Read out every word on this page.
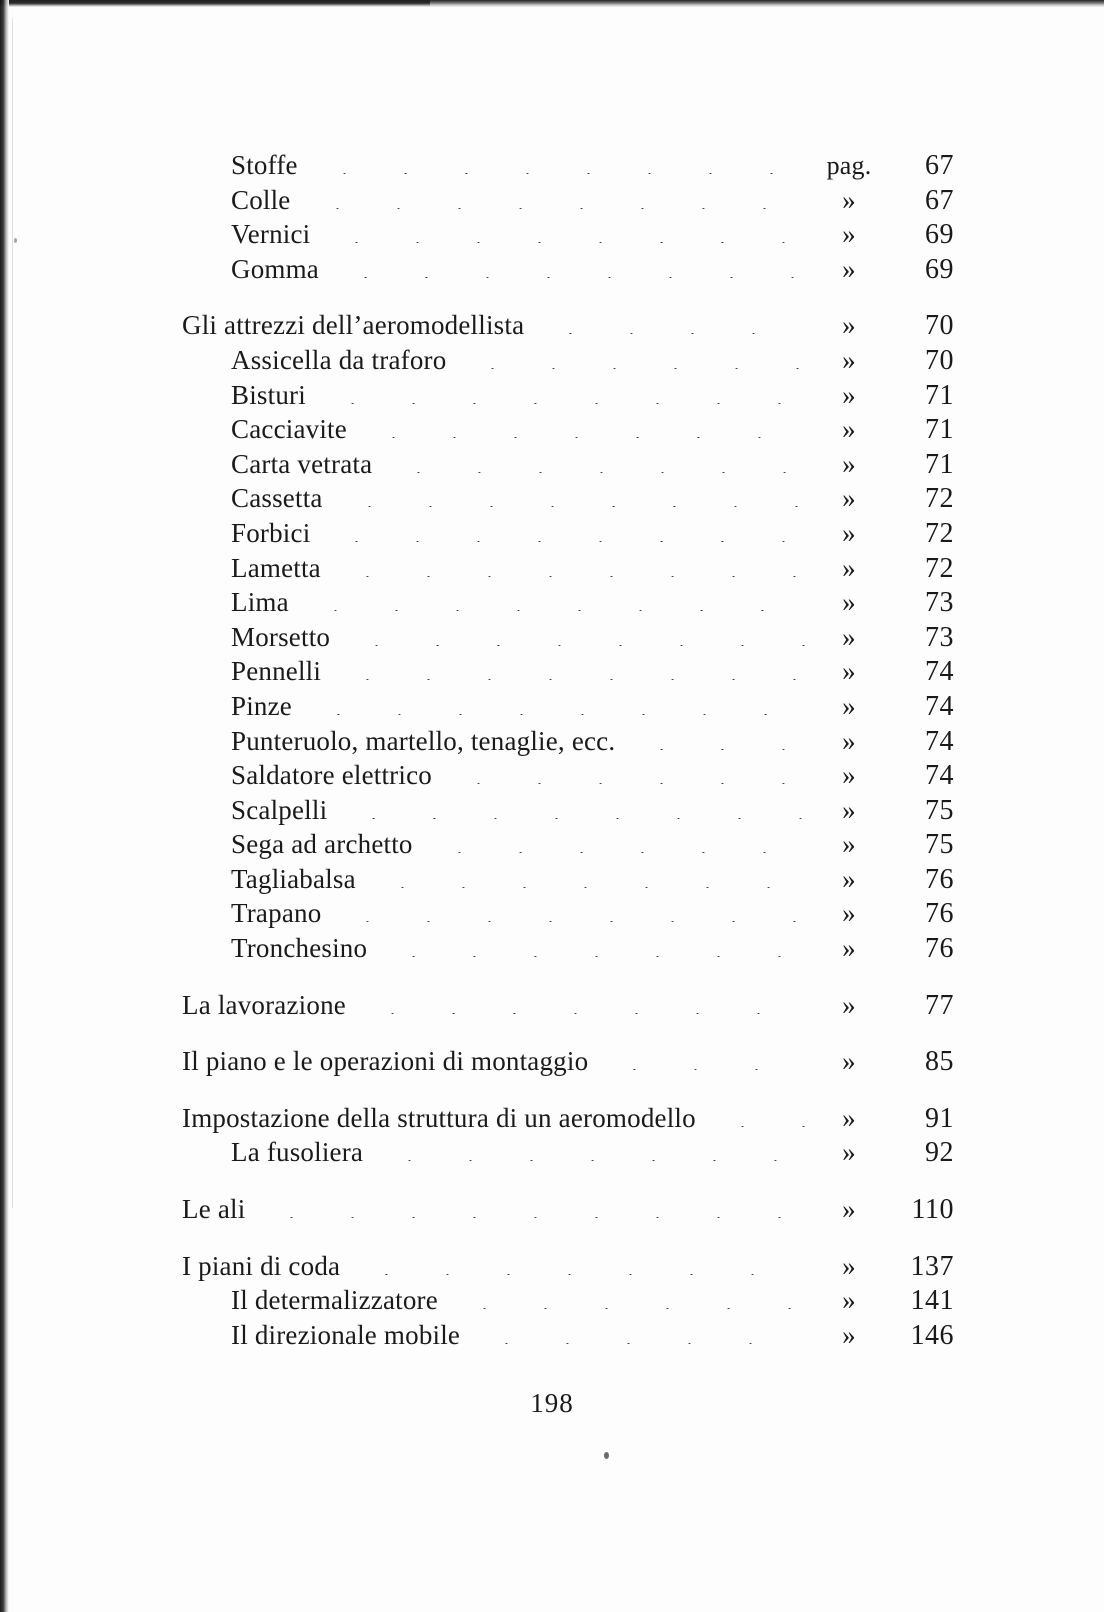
Stoffe	pag.	67
Colle	»	67
Vernici	»	69
Gomma	»	69
Gli attrezzi dell’aeromodellista	»	70
Assicella da traforo	»	70
Bisturi	»	71
Cacciavite	»	71
Carta vetrata	»	71
Cassetta	»	72
Forbici	»	72
Lametta	»	72
Lima	»	73
Morsetto	»	73
Pennelli	»	74
Pinze	»	74
Punteruolo, martello, tenaglie, ecc.	»	74
Saldatore elettrico	»	74
Scalpelli	»	75
Sega ad archetto	»	75
Tagliabalsa	»	76
Trapano	»	76
Tronchesino	»	76
La lavorazione	»	77
Il piano e le operazioni di montaggio	»	85
Impostazione della struttura di un aeromodello	»	91
La fusoliera	»	92
Le ali	»	110
I piani di coda	»	137
Il determalizzatore	»	141
Il direzionale mobile	»	146
198
